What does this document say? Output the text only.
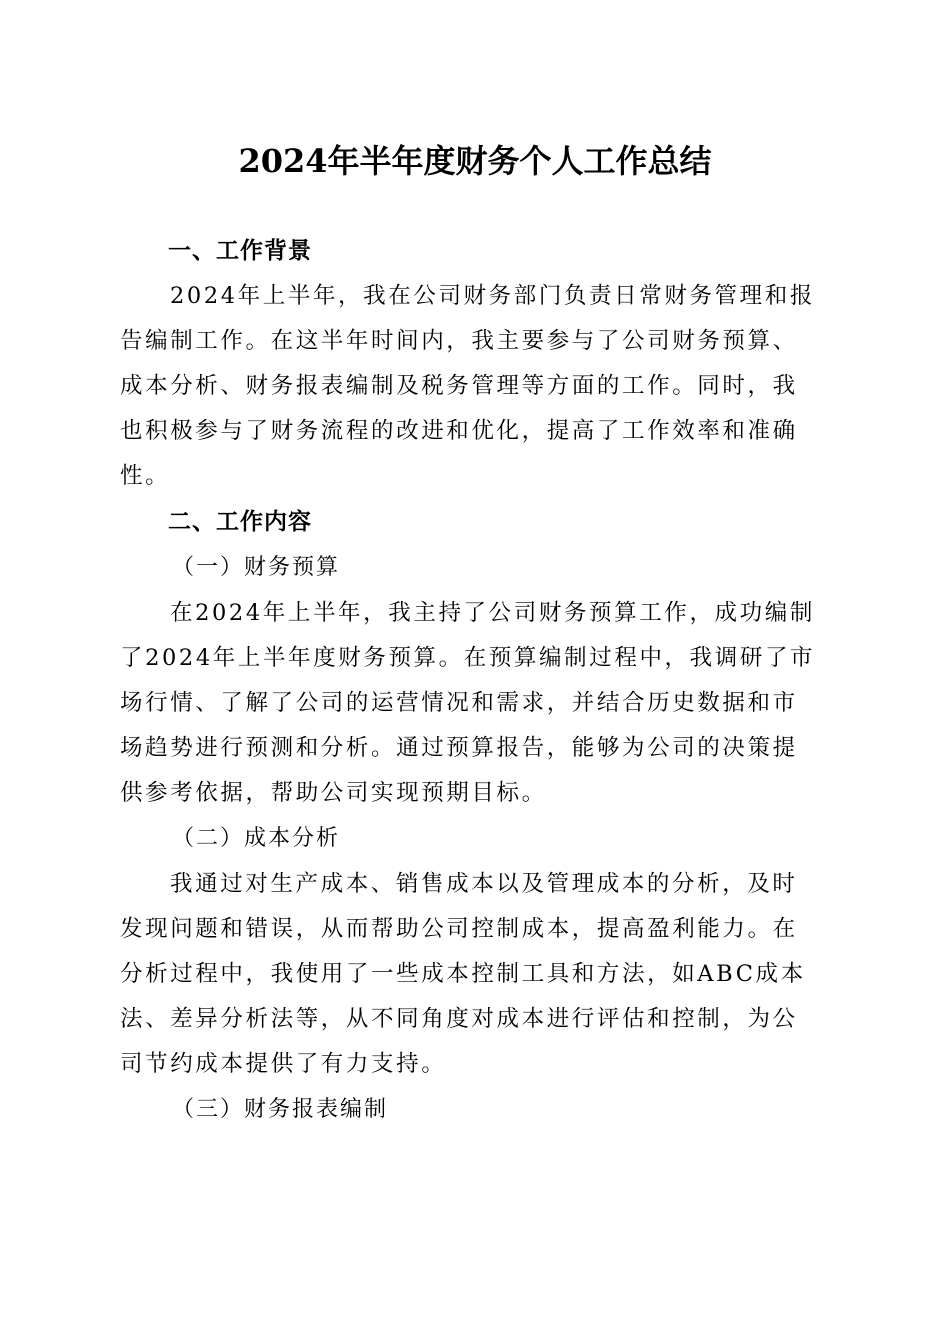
2024年半年度财务个人工作总结
一、工作背景
2024年上半年，我在公司财务部门负责日常财务管理和报
告编制工作。在这半年时间内，我主要参与了公司财务预算、
成本分析、财务报表编制及税务管理等方面的工作。同时，我
也积极参与了财务流程的改进和优化，提高了工作效率和准确
性。
二、工作内容
（一）财务预算
在2024年上半年，我主持了公司财务预算工作，成功编制
了2024年上半年度财务预算。在预算编制过程中，我调研了市
场行情、了解了公司的运营情况和需求，并结合历史数据和市
场趋势进行预测和分析。通过预算报告，能够为公司的决策提
供参考依据，帮助公司实现预期目标。
（二）成本分析
我通过对生产成本、销售成本以及管理成本的分析，及时
发现问题和错误，从而帮助公司控制成本，提高盈利能力。在
分析过程中，我使用了一些成本控制工具和方法，如ABC成本
法、差异分析法等，从不同角度对成本进行评估和控制，为公
司节约成本提供了有力支持。
（三）财务报表编制
